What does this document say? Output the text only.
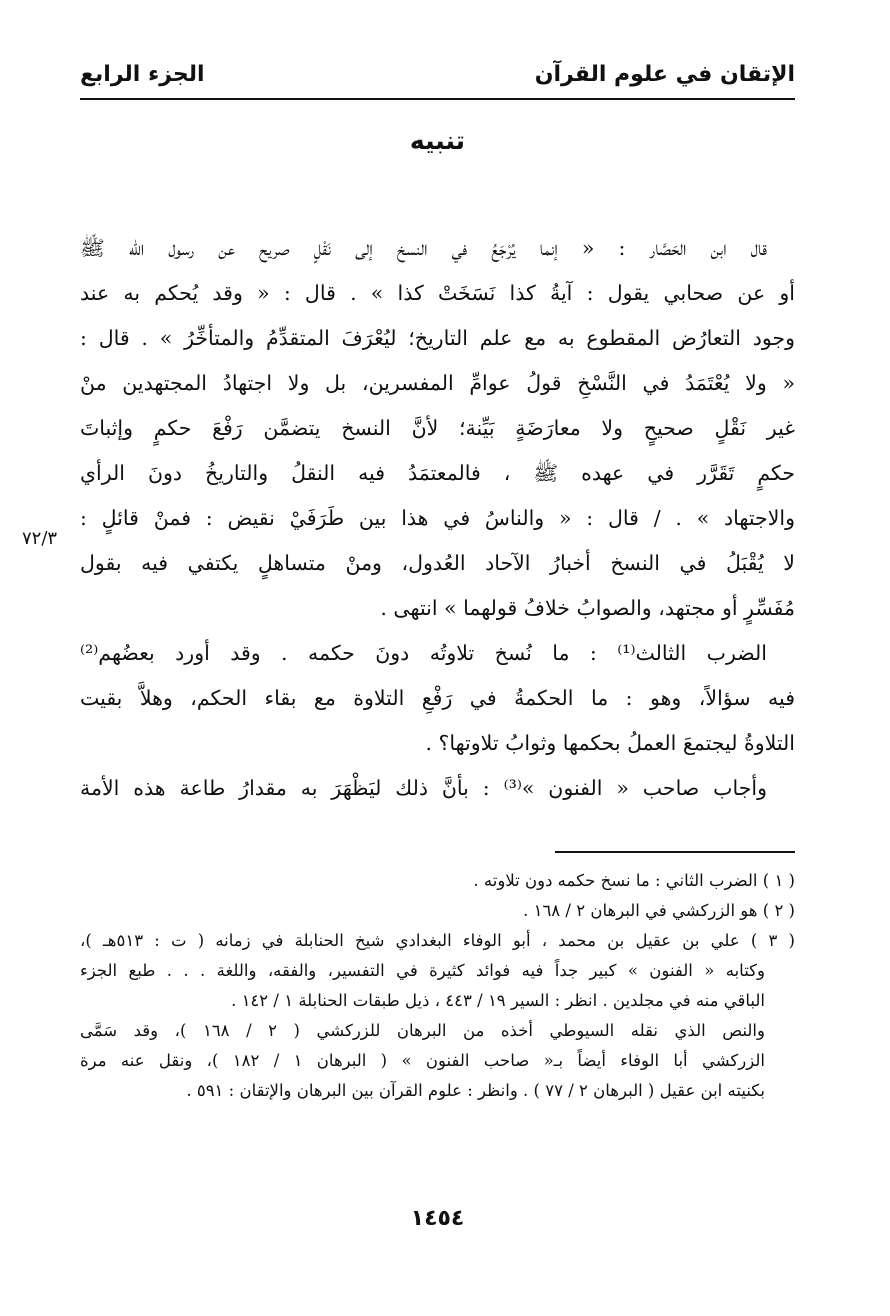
الإتقان في علوم القرآن
الجزء الرابع
تنبيه
قال ابن الحَصَّار : « إنما يُرْجَعُ في النسخ إلى نَقْلٍ صريح عن رسول الله ﷺ
أو عن صحابي يقول : آيةُ كذا نَسَخَتْ كذا » . قال : « وقد يُحكم به عند
وجود التعارُض المقطوع به مع علم التاريخ؛ ليُعْرَفَ المتقدِّمُ والمتأخِّرُ » . قال :
« ولا يُعْتَمَدُ في النَّسْخِ قولُ عوامِّ المفسرين، بل ولا اجتهادُ المجتهدين منْ
غير نَقْلٍ صحيحٍ ولا معارَضَةٍ بَيِّنة؛ لأنَّ النسخ يتضمَّن رَفْعَ حكمٍ وإثباتَ
حكمٍ تَقَرَّر في عهده ﷺ ، فالمعتمَدُ فيه النقلُ والتاريخُ دونَ الرأي
والاجتهاد » . / قال : « والناسُ في هذا بين طَرَفَيْ نقيض : فمنْ قائلٍ :
لا يُقْبَلُ في النسخ أخبارُ الآحاد العُدول، ومنْ متساهلٍ يكتفي فيه بقول
مُفَسِّرٍ أو مجتهد، والصوابُ خلافُ قولهما » انتهى .
الضرب الثالث⁽¹⁾ : ما نُسخ تلاوتُه دونَ حكمه . وقد أورد بعضُهم⁽²⁾
فيه سؤالاً، وهو : ما الحكمةُ في رَفْعِ التلاوة مع بقاء الحكم، وهلاَّ بقيت
التلاوةُ ليجتمعَ العملُ بحكمها وثوابُ تلاوتها؟ .
وأجاب صاحب « الفنون »⁽³⁾ : بأنَّ ذلك ليَظْهَرَ به مقدارُ طاعة هذه الأمة
٧٢/٣
( ١ ) الضرب الثاني : ما نسخ حكمه دون تلاوته .
( ٢ ) هو الزركشي في البرهان ٢ / ١٦٨ .
( ٣ ) علي بن عقيل بن محمد ، أبو الوفاء البغدادي شيخ الحنابلة في زمانه ( ت : ٥١٣هـ )،
وكتابه « الفنون » كبير جداً فيه فوائد كثيرة في التفسير، والفقه، واللغة . . . طبع الجزء
الباقي منه في مجلدين . انظر : السير ١٩ / ٤٤٣ ، ذيل طبقات الحنابلة ١ / ١٤٢ .
والنص الذي نقله السيوطي أخذه من البرهان للزركشي ( ٢ / ١٦٨ )، وقد سَمَّى
الزركشي أبا الوفاء أيضاً بـ« صاحب الفنون » ( البرهان ١ / ١٨٢ )، ونقل عنه مرة
بكنيته ابن عقيل ( البرهان ٢ / ٧٧ ) . وانظر : علوم القرآن بين البرهان والإتقان : ٥٩١ .
١٤٥٤
